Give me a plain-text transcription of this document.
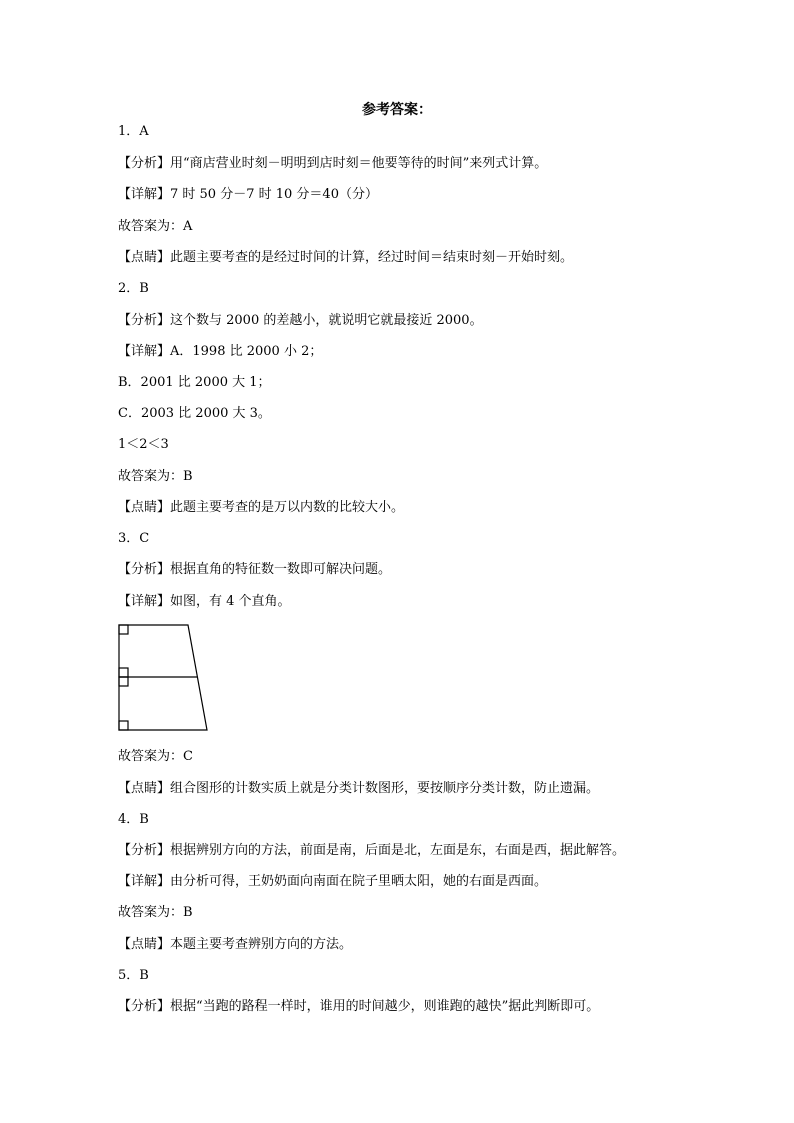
参考答案：
1．A
【分析】用“商店营业时刻－明明到店时刻＝他要等待的时间”来列式计算。
【详解】7 时 50 分－7 时 10 分＝40（分）
故答案为：A
【点睛】此题主要考查的是经过时间的计算，经过时间＝结束时刻－开始时刻。
2．B
【分析】这个数与 2000 的差越小，就说明它就最接近 2000。
【详解】A．1998 比 2000 小 2；
B．2001 比 2000 大 1；
C．2003 比 2000 大 3。
1＜2＜3
故答案为：B
【点睛】此题主要考查的是万以内数的比较大小。
3．C
【分析】根据直角的特征数一数即可解决问题。
【详解】如图，有 4 个直角。
故答案为：C
【点睛】组合图形的计数实质上就是分类计数图形，要按顺序分类计数，防止遗漏。
4．B
【分析】根据辨别方向的方法，前面是南，后面是北，左面是东，右面是西，据此解答。
【详解】由分析可得，王奶奶面向南面在院子里晒太阳，她的右面是西面。
故答案为：B
【点睛】本题主要考查辨别方向的方法。
5．B
【分析】根据“当跑的路程一样时，谁用的时间越少，则谁跑的越快”据此判断即可。
